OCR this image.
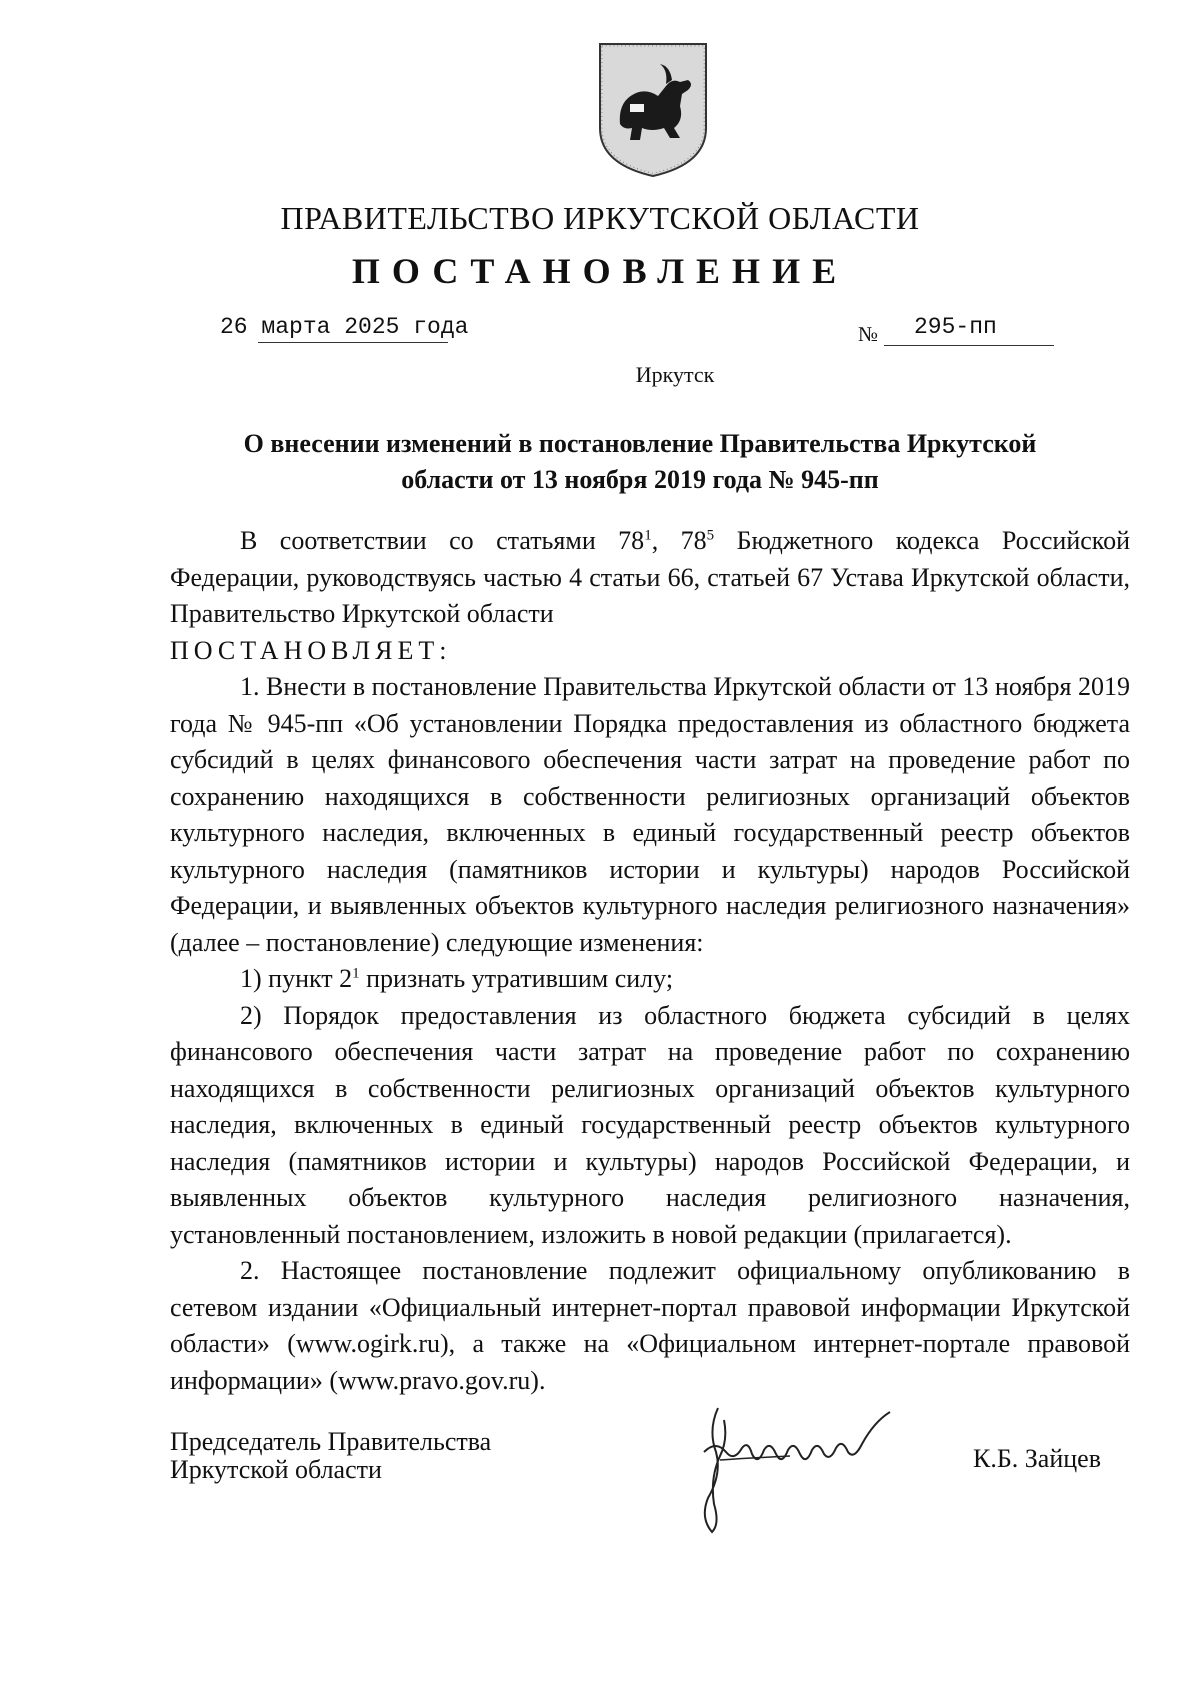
ПРАВИТЕЛЬСТВО ИРКУТСКОЙ ОБЛАСТИ
ПОСТАНОВЛЕНИЕ
26 марта 2025 года	№ 295-пп
Иркутск
О внесении изменений в постановление Правительства Иркутской
области от 13 ноября 2019 года № 945-пп

В соответствии со статьями $78^1$, $78^5$ Бюджетного кодекса Российской Федерации, руководствуясь частью 4 статьи 66, статьей 67 Устава Иркутской области, Правительство Иркутской области

ПОСТАНОВЛЯЕТ:

1. Внести в постановление Правительства Иркутской области от 13 ноября 2019 года № 945-пп «Об установлении Порядка предоставления из областного бюджета субсидий в целях финансового обеспечения части затрат на проведение работ по сохранению находящихся в собственности религиозных организаций объектов культурного наследия, включенных в единый государственный реестр объектов культурного наследия (памятников истории и культуры) народов Российской Федерации, и выявленных объектов культурного наследия религиозного назначения» (далее – постановление) следующие изменения:

1) пункт $2^1$ признать утратившим силу;

2) Порядок предоставления из областного бюджета субсидий в целях финансового обеспечения части затрат на проведение работ по сохранению находящихся в собственности религиозных организаций объектов культурного наследия, включенных в единый государственный реестр объектов культурного наследия (памятников истории и культуры) народов Российской Федерации, и выявленных объектов культурного наследия религиозного назначения, установленный постановлением, изложить в новой редакции (прилагается).

2. Настоящее постановление подлежит официальному опубликованию в сетевом издании «Официальный интернет-портал правовой информации Иркутской области» (www.ogirk.ru), а также на «Официальном интернет-портале правовой информации» (www.pravo.gov.ru).

Председатель Правительства
Иркутской области	К.Б. Зайцев
